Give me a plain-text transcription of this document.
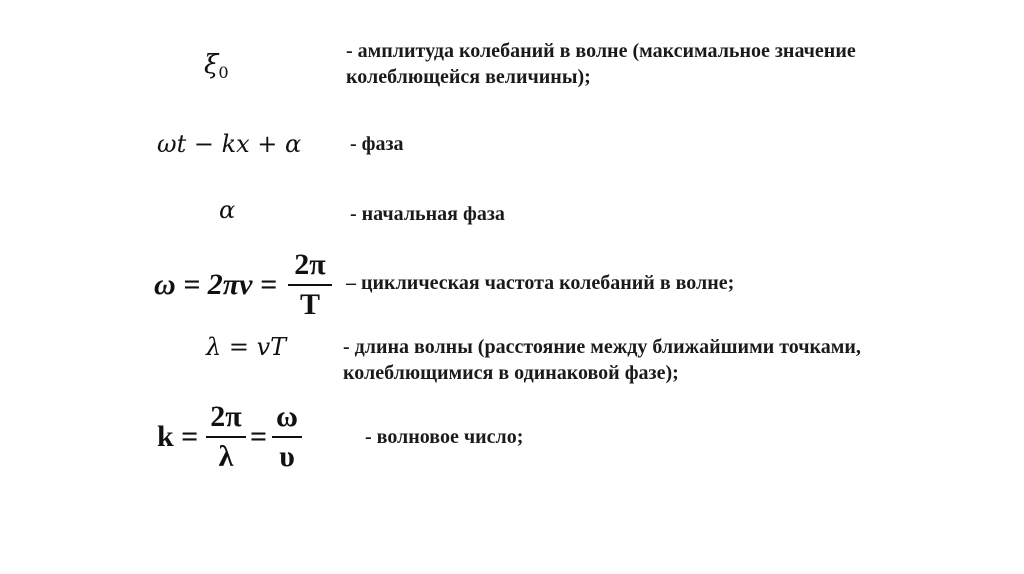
$\xi_0$
- амплитуда колебаний в волне (максимальное значение
колеблющейся величины);
ωt − kx + α - фаза
α	- начальная фаза
ω = 2πν =
2π
T
– циклическая частота колебаний в волне;
λ = vT	- длина волны (расстояние между ближайшими точками,
колеблющимися в одинаковой фазе);
k =
2π
λ
=
ω
υ
- волновое число;
